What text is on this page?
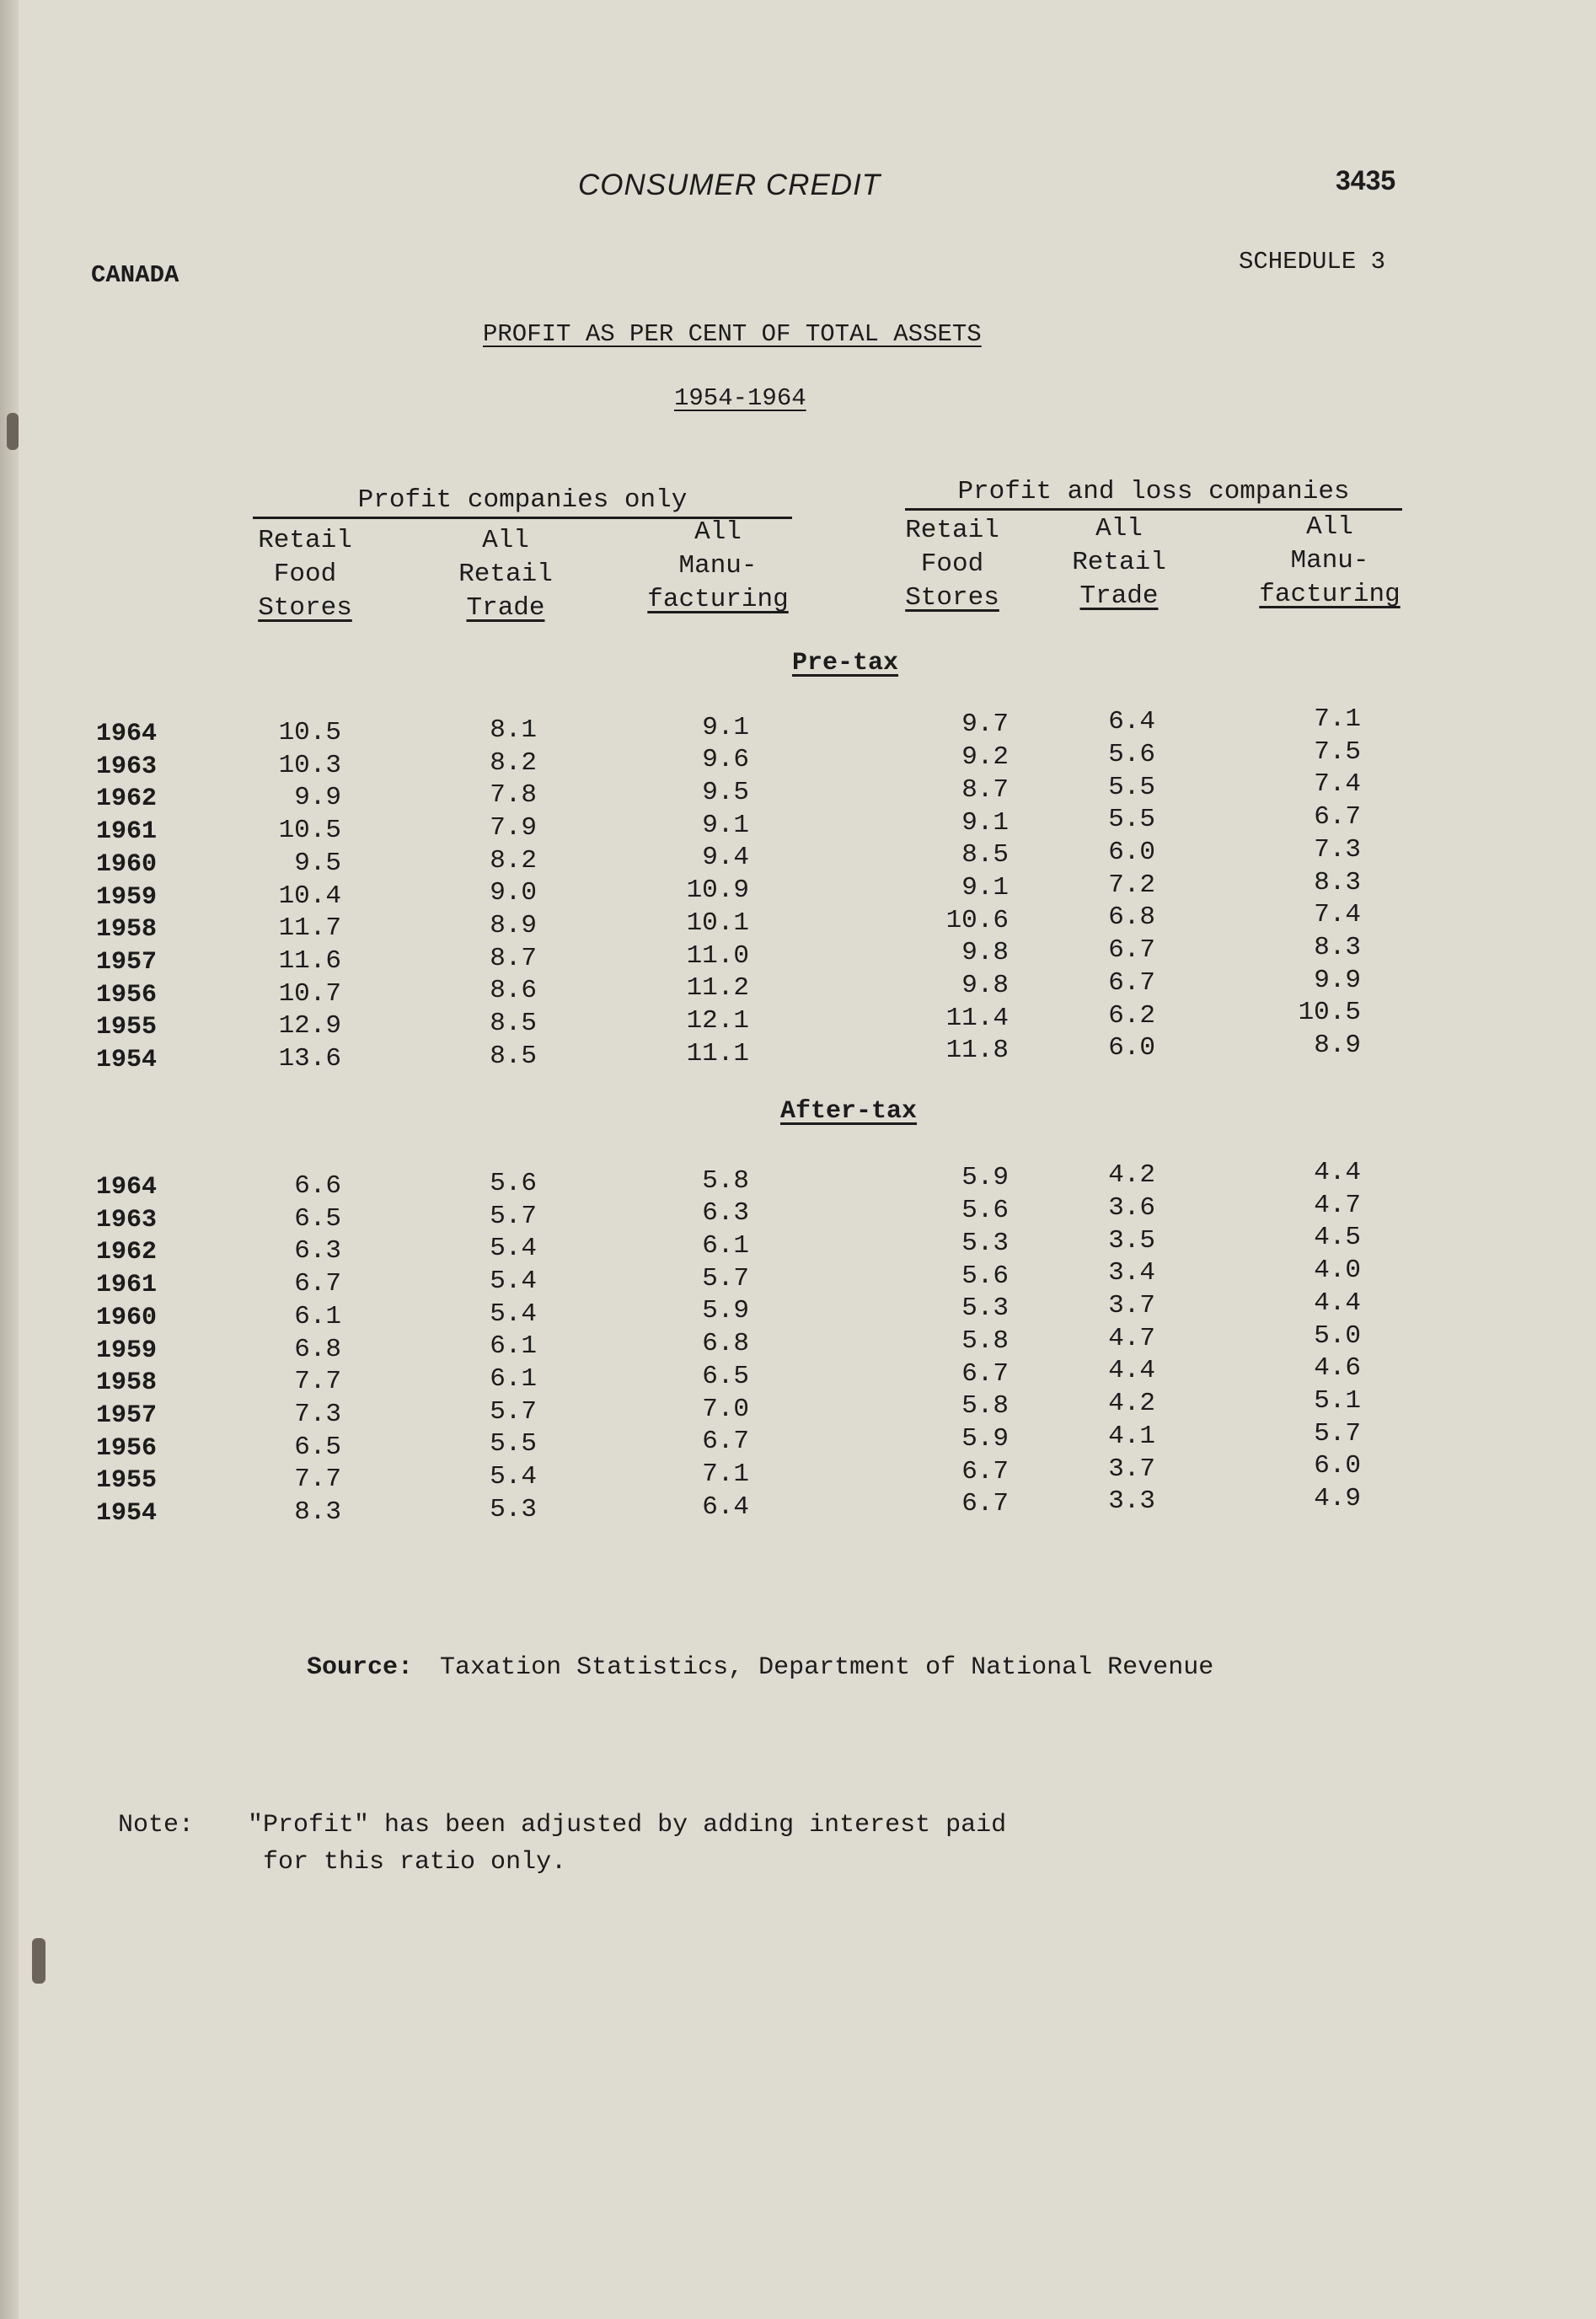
CONSUMER CREDIT	3435
CANADA	SCHEDULE 3
PROFIT AS PER CENT OF TOTAL ASSETS
1954-1964
Profit companies only	Profit and loss companies
Retail
Food
Stores
All
Retail
Trade
All
Manu-
facturing
Retail
Food
Stores
All
Retail
Trade
All
Manu-
facturing
Pre-tax
1964	10.5	8.1	9.1	9.7	6.4	7.1
1963	10.3	8.2	9.6	9.2	5.6	7.5
1962	9.9	7.8	9.5	8.7	5.5	7.4
1961	10.5	7.9	9.1	9.1	5.5	6.7
1960	9.5	8.2	9.4	8.5	6.0	7.3
1959	10.4	9.0	10.9	9.1	7.2	8.3
1958	11.7	8.9	10.1	10.6	6.8	7.4
1957	11.6	8.7	11.0	9.8	6.7	8.3
1956	10.7	8.6	11.2	9.8	6.7	9.9
1955	12.9	8.5	12.1	11.4	6.2	10.5
1954	13.6	8.5	11.1	11.8	6.0	8.9
After-tax
1964	6.6	5.6	5.8	5.9	4.2	4.4
1963	6.5	5.7	6.3	5.6	3.6	4.7
1962	6.3	5.4	6.1	5.3	3.5	4.5
1961	6.7	5.4	5.7	5.6	3.4	4.0
1960	6.1	5.4	5.9	5.3	3.7	4.4
1959	6.8	6.1	6.8	5.8	4.7	5.0
1958	7.7	6.1	6.5	6.7	4.4	4.6
1957	7.3	5.7	7.0	5.8	4.2	5.1
1956	6.5	5.5	6.7	5.9	4.1	5.7
1955	7.7	5.4	7.1	6.7	3.7	6.0
1954	8.3	5.3	6.4	6.7	3.3	4.9
Source: Taxation Statistics, Department of National Revenue
Note: "Profit" has been adjusted by adding interest paid
for this ratio only.
